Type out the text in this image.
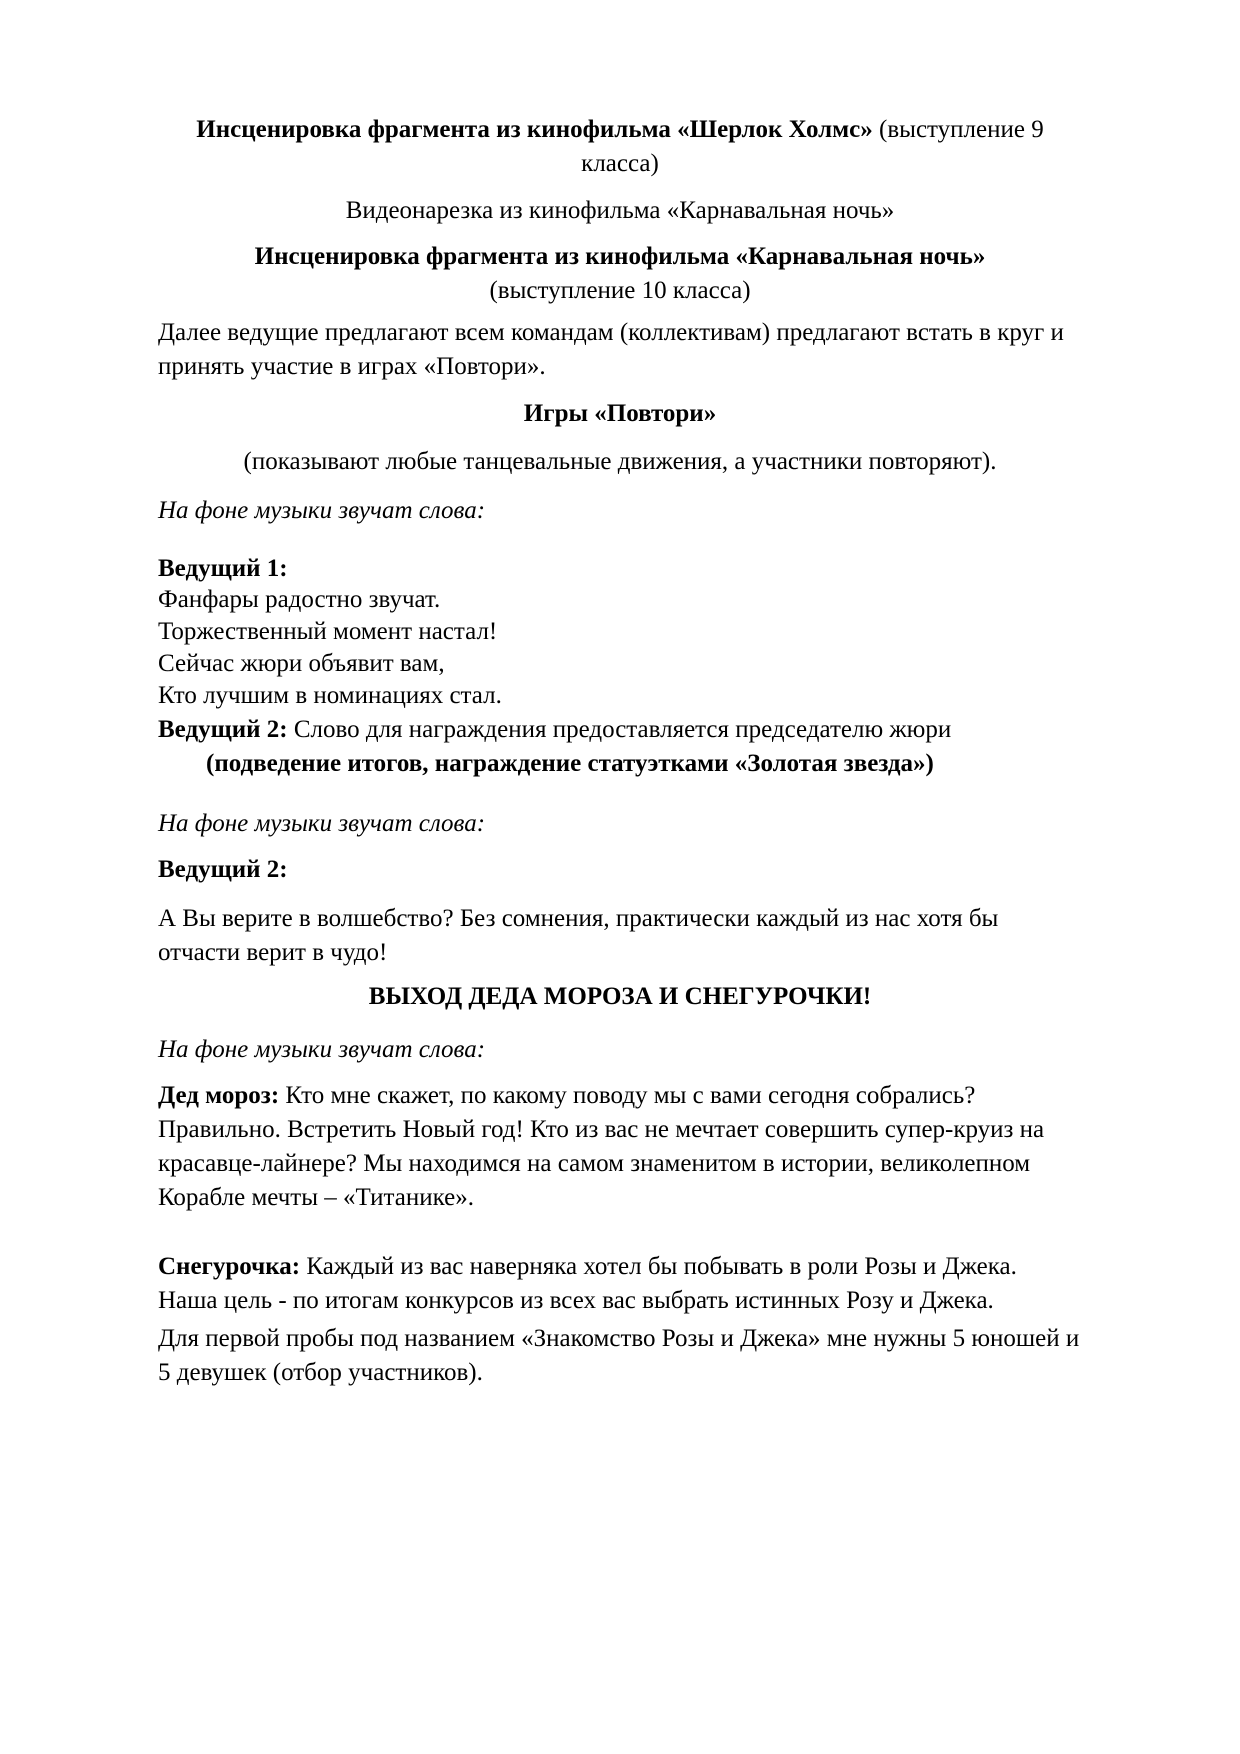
Инсценировка фрагмента из кинофильма «Шерлок Холмс» (выступление 9 класса)

Видеонарезка из кинофильма «Карнавальная ночь»

Инсценировка фрагмента из кинофильма «Карнавальная ночь»
(выступление 10 класса)

Далее ведущие предлагают всем командам (коллективам) предлагают встать в круг и принять участие в играх «Повтори».

Игры «Повтори»

(показывают любые танцевальные движения, а участники повторяют).

На фоне музыки звучат слова:

Ведущий 1:

Фанфары радостно звучат.

Торжественный момент настал!

Сейчас жюри объявит вам,

Кто лучшим в номинациях стал.

Ведущий 2: Слово для награждения предоставляется председателю жюри
(подведение итогов, награждение статуэтками «Золотая звезда»)

На фоне музыки звучат слова:

Ведущий 2:

А Вы верите в волшебство? Без сомнения, практически каждый из нас хотя бы отчасти верит в чудо!

ВЫХОД ДЕДА МОРОЗА И СНЕГУРОЧКИ!

На фоне музыки звучат слова:

Дед мороз: Кто мне скажет, по какому поводу мы с вами сегодня собрались? Правильно. Встретить Новый год! Кто из вас не мечтает совершить супер-круиз на красавце-лайнере? Мы находимся на самом знаменитом в истории, великолепном Корабле мечты – «Титанике».

Снегурочка: Каждый из вас наверняка хотел бы побывать в роли Розы и Джека. Наша цель - по итогам конкурсов из всех вас выбрать истинных Розу и Джека.

Для первой пробы под названием «Знакомство Розы и Джека» мне нужны 5 юношей и 5 девушек (отбор участников).
